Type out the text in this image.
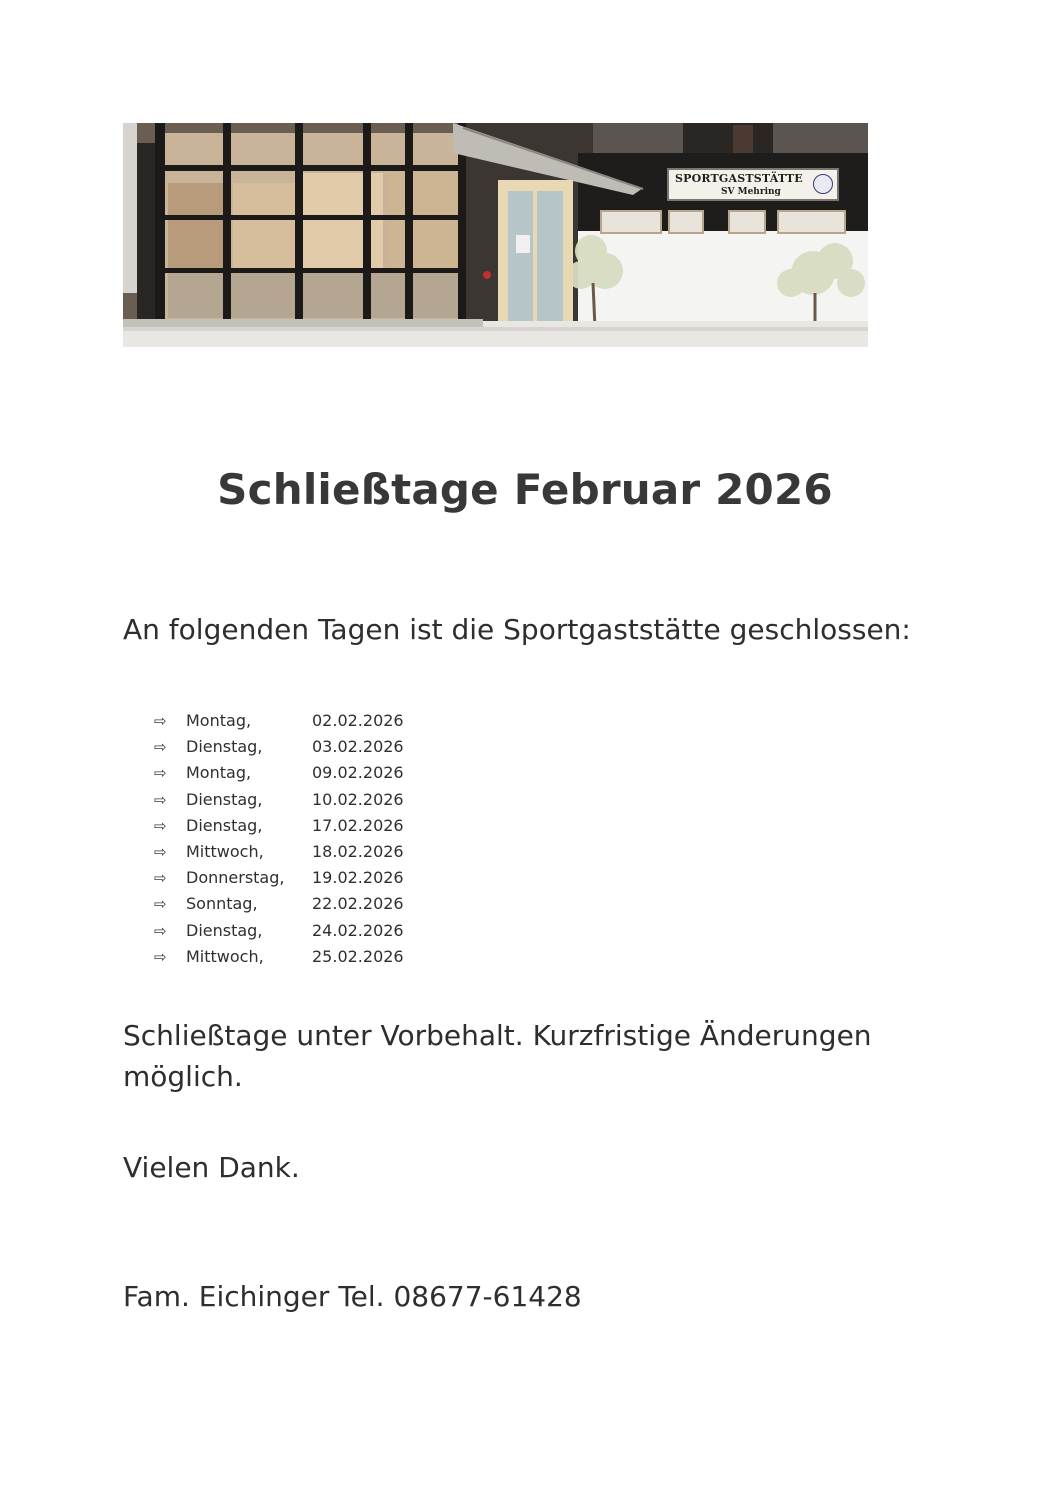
SPORTGASTSTÄTTE
SV Mehring
Schließtage Februar 2026

An folgenden Tagen ist die Sportgaststätte geschlossen:

⇨	Montag,	02.02.2026
⇨	Dienstag,	03.02.2026
⇨	Montag,	09.02.2026
⇨	Dienstag,	10.02.2026
⇨	Dienstag,	17.02.2026
⇨	Mittwoch,	18.02.2026
⇨	Donnerstag, 19.02.2026
⇨	Sonntag,	22.02.2026
⇨	Dienstag,	24.02.2026
⇨	Mittwoch,	25.02.2026

Schließtage unter Vorbehalt. Kurzfristige Änderungen möglich.

Vielen Dank.

Fam. Eichinger Tel. 08677-61428
